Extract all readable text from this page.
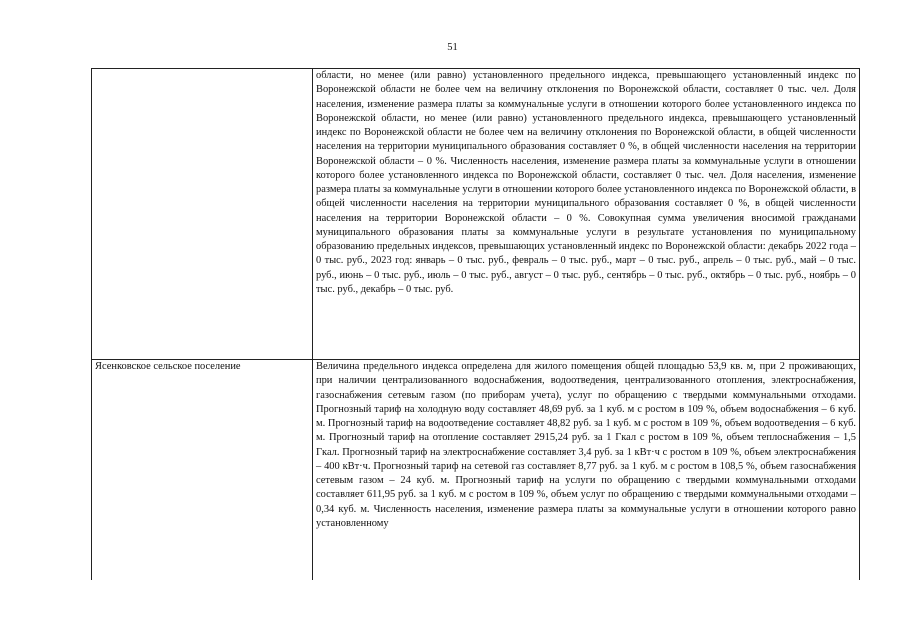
51

	области, но менее (или равно) установленного предельного индекса, превышающего установленный индекс по Воронежской области не более чем на величину отклонения по Воронежской области, составляет 0 тыс. чел. Доля населения, изменение размера платы за коммунальные услуги в отношении которого более установленного индекса по Воронежской области, но менее (или равно) установленного предельного индекса, превышающего установленный индекс по Воронежской области не более чем на величину отклонения по Воронежской области, в общей численности населения на территории муниципального образования составляет 0 %, в общей численности населения на территории Воронежской области – 0 %. Численность населения, изменение размера платы за коммунальные услуги в отношении которого более установленного индекса по Воронежской области, составляет 0 тыс. чел. Доля населения, изменение размера платы за коммунальные услуги в отношении которого более установленного индекса по Воронежской области, в общей численности населения на территории муниципального образования составляет 0 %, в общей численности населения на территории Воронежской области – 0 %. Совокупная сумма увеличения вносимой гражданами муниципального образования платы за коммунальные услуги в результате установления по муниципальному образованию предельных индексов, превышающих установленный индекс по Воронежской области: декабрь 2022 года – 0 тыс. руб., 2023 год: январь – 0 тыс. руб., февраль – 0 тыс. руб., март – 0 тыс. руб., апрель – 0 тыс. руб., май – 0 тыс. руб., июнь – 0 тыс. руб., июль – 0 тыс. руб., август – 0 тыс. руб., сентябрь – 0 тыс. руб., октябрь – 0 тыс. руб., ноябрь – 0 тыс. руб., декабрь – 0 тыс. руб.

Ясенковское сельское поселение	Величина предельного индекса определена для жилого помещения общей площадью 53,9 кв. м, при 2 проживающих, при наличии централизованного водоснабжения, водоотведения, централизованного отопления, электроснабжения, газоснабжения сетевым газом (по приборам учета), услуг по обращению с твердыми коммунальными отходами. Прогнозный тариф на холодную воду составляет 48,69 руб. за 1 куб. м с ростом в 109 %, объем водоснабжения – 6 куб. м. Прогнозный тариф на водоотведение составляет 48,82 руб. за 1 куб. м с ростом в 109 %, объем водоотведения – 6 куб. м. Прогнозный тариф на отопление составляет 2915,24 руб. за 1 Гкал с ростом в 109 %, объем теплоснабжения – 1,5 Гкал. Прогнозный тариф на электроснабжение составляет 3,4 руб. за 1 кВт·ч с ростом в 109 %, объем электроснабжения – 400 кВт·ч. Прогнозный тариф на сетевой газ составляет 8,77 руб. за 1 куб. м с ростом в 108,5 %, объем газоснабжения сетевым газом – 24 куб. м. Прогнозный тариф на услуги по обращению с твердыми коммунальными отходами составляет 611,95 руб. за 1 куб. м с ростом в 109 %, объем услуг по обращению с твердыми коммунальными отходами – 0,34 куб. м. Численность населения, изменение размера платы за коммунальные услуги в отношении которого равно установленному
